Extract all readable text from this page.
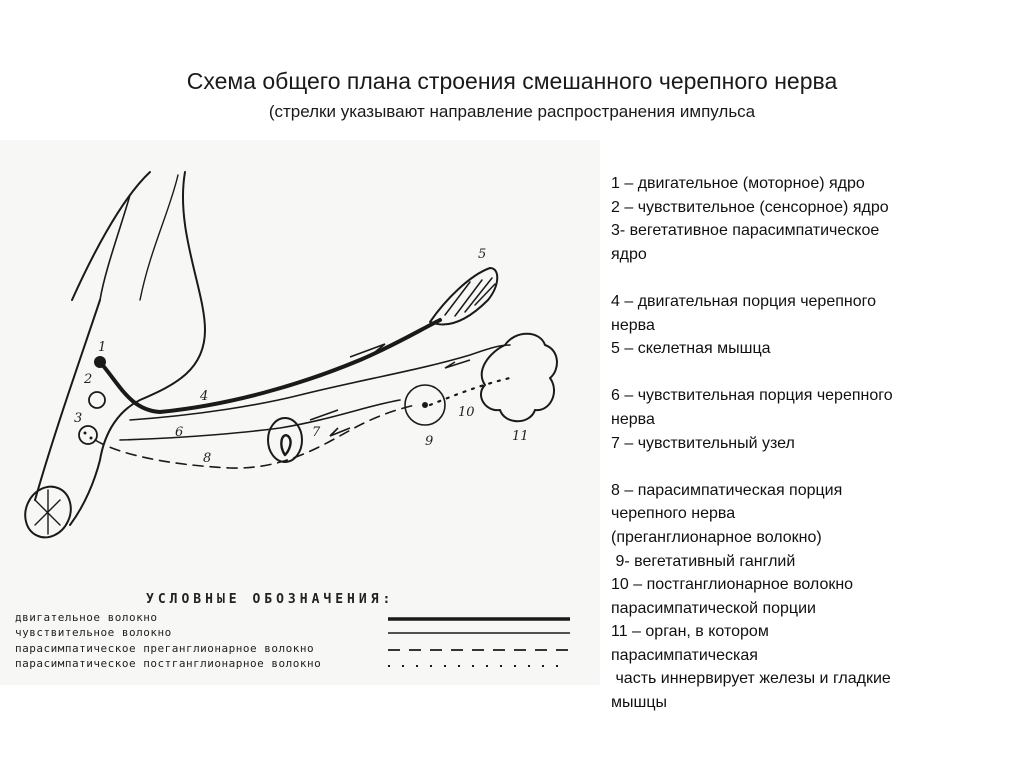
Схема общего плана строения смешанного черепного нерва
(стрелки указывают направление распространения импульса
1
2
3
4
5
6	7
8
9
10
11
УСЛОВНЫЕ ОБОЗНАЧЕНИЯ:
двигательное волокно
чувствительное волокно
парасимпатическое преганглионарное волокно
парасимпатическое постганглионарное волокно
1 – двигательное (моторное) ядро
2 – чувствительное (сенсорное) ядро
3- вегетативное парасимпатическое
ядро
4 – двигательная порция черепного
нерва
5 – скелетная мышца
6 – чувствительная порция черепного
нерва
7 – чувствительный узел
8 – парасимпатическая порция
черепного нерва
(преганглионарное волокно)
9- вегетативный ганглий
10 – постганглионарное волокно
парасимпатической порции
11 – орган, в котором
парасимпатическая
часть иннервирует железы и гладкие
мышцы
